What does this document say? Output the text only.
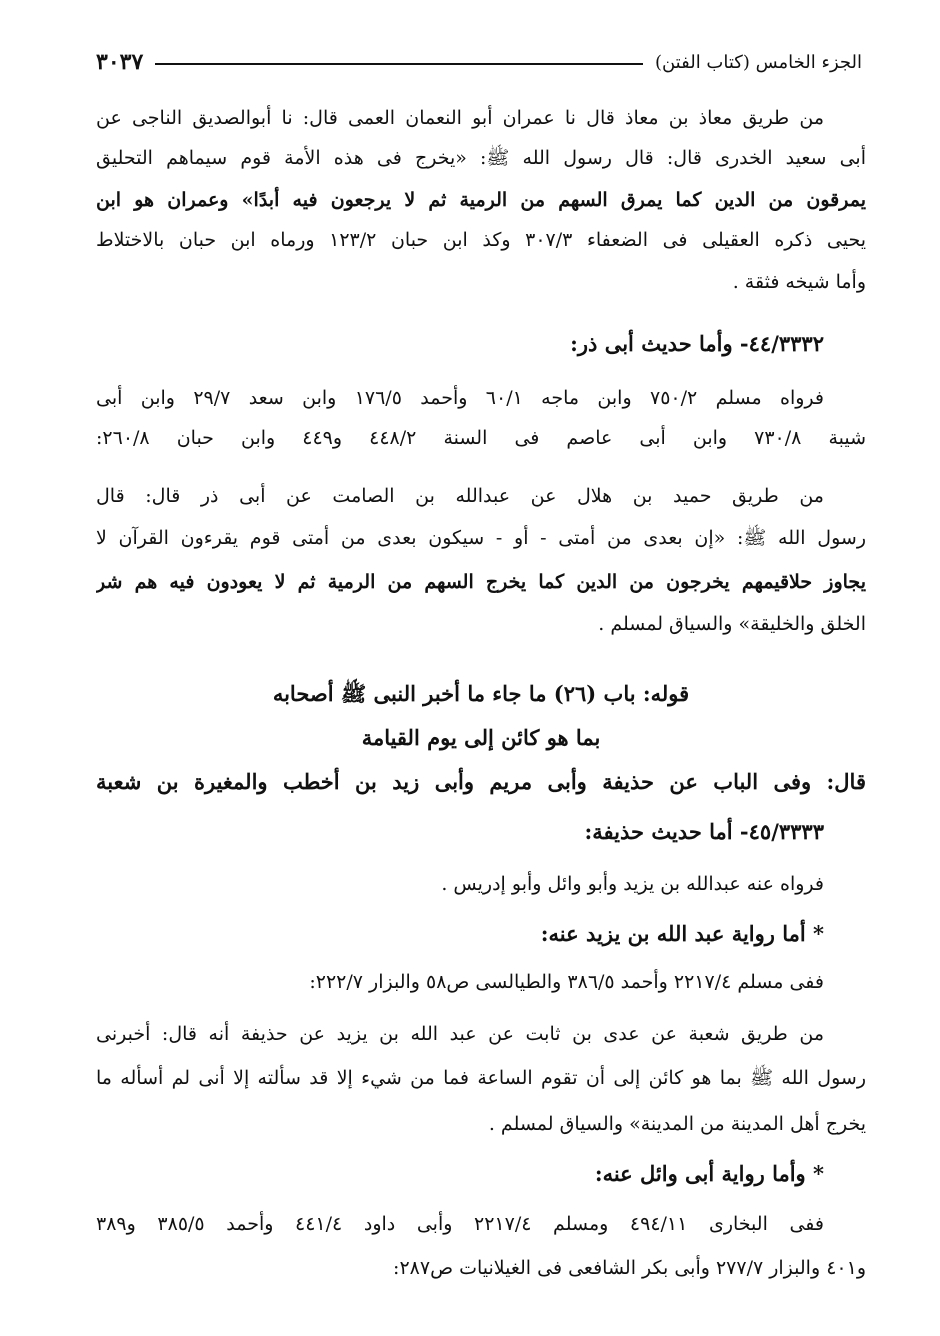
الجزء الخامس (كتاب الفتن)
٣٠٣٧
من طريق معاذ بن معاذ قال نا عمران أبو النعمان العمى قال: نا أبوالصديق الناجى عن
أبى سعيد الخدرى قال: قال رسول الله ﷺ: «يخرج فى هذه الأمة قوم سيماهم التحليق
يمرقون من الدين كما يمرق السهم من الرمية ثم لا يرجعون فيه أبدًا» وعمران هو ابن
يحيى ذكره العقيلى فى الضعفاء ٣٠٧/٣ وكذ ابن حبان ١٢٣/٢ ورماه ابن حبان بالاختلاط
وأما شيخه فثقة .
٤٤/٣٣٣٢- وأما حديث أبى ذر:
فرواه مسلم ٧٥٠/٢ وابن ماجه ٦٠/١ وأحمد ١٧٦/٥ وابن سعد ٢٩/٧ وابن أبى
شيبة ٧٣٠/٨ وابن أبى عاصم فى السنة ٤٤٨/٢ و٤٤٩ وابن حبان ٢٦٠/٨:
من طريق حميد بن هلال عن عبدالله بن الصامت عن أبى ذر قال: قال
رسول الله ﷺ: «إن بعدى من أمتى - أو - سيكون بعدى من أمتى قوم يقرءون القرآن لا
يجاوز حلاقيمهم يخرجون من الدين كما يخرج السهم من الرمية ثم لا يعودون فيه هم شر
الخلق والخليقة» والسياق لمسلم .
قوله: باب (٢٦) ما جاء ما أخبر النبى ﷺ أصحابه
بما هو كائن إلى يوم القيامة
قال: وفى الباب عن حذيفة وأبى مريم وأبى زيد بن أخطب والمغيرة بن شعبة
٤٥/٣٣٣٣- أما حديث حذيفة:
فرواه عنه عبدالله بن يزيد وأبو وائل وأبو إدريس .
* أما رواية عبد الله بن يزيد عنه:
ففى مسلم ٢٢١٧/٤ وأحمد ٣٨٦/٥ والطيالسى ص٥٨ والبزار ٢٢٢/٧:
من طريق شعبة عن عدى بن ثابت عن عبد الله بن يزيد عن حذيفة أنه قال: أخبرنى
رسول الله ﷺ بما هو كائن إلى أن تقوم الساعة فما من شيء إلا قد سألته إلا أنى لم أسأله ما
يخرج أهل المدينة من المدينة» والسياق لمسلم .
* وأما رواية أبى وائل عنه:
ففى البخارى ٤٩٤/١١ ومسلم ٢٢١٧/٤ وأبى داود ٤٤١/٤ وأحمد ٣٨٥/٥ و٣٨٩
و٤٠١ والبزار ٢٧٧/٧ وأبى بكر الشافعى فى الغيلانيات ص٢٨٧:
